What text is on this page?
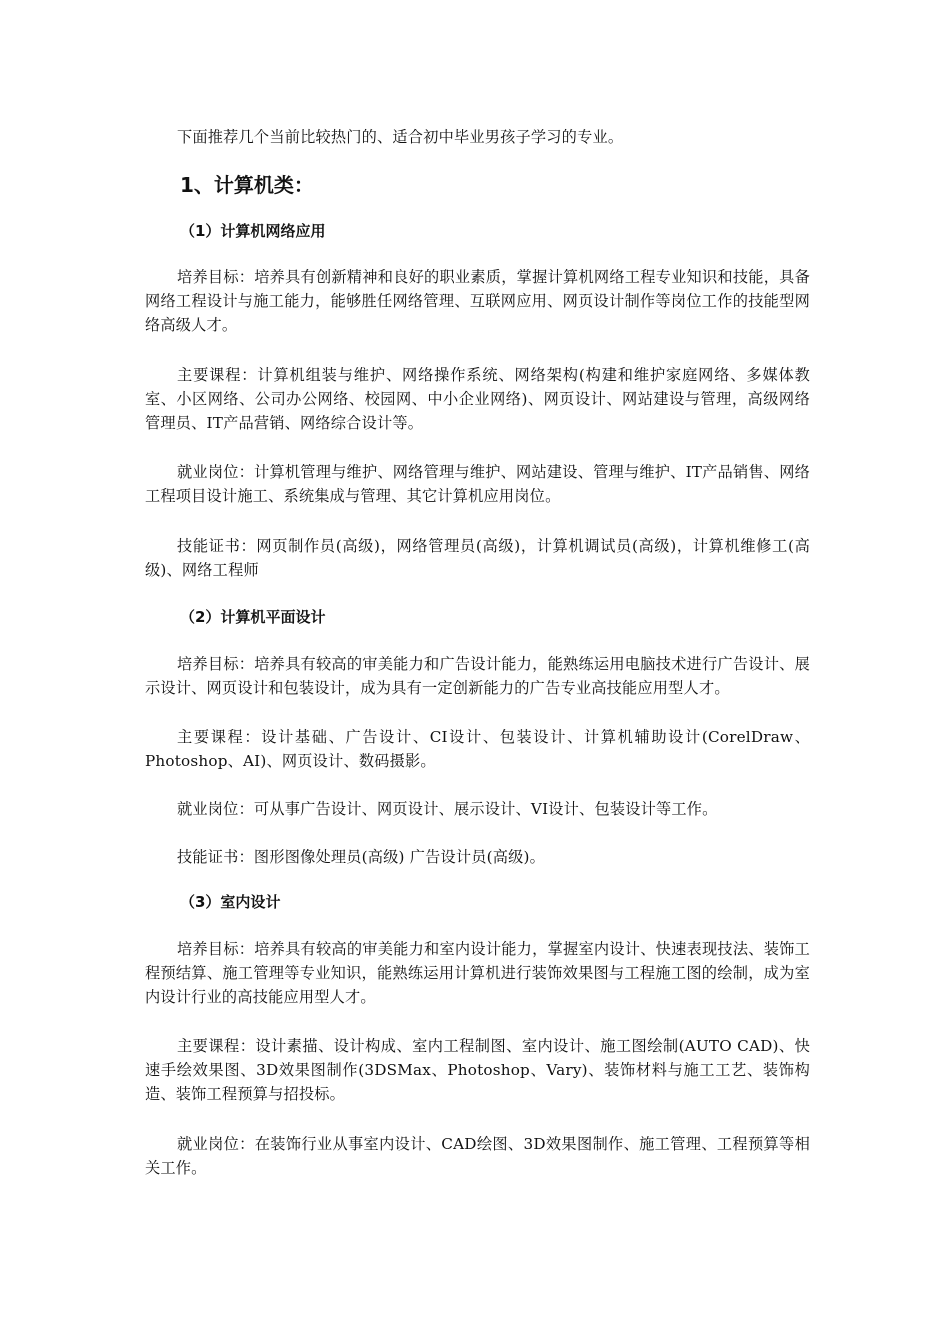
下面推荐几个当前比较热门的、适合初中毕业男孩子学习的专业。

1、计算机类：
（1）计算机网络应用

培养目标：培养具有创新精神和良好的职业素质，掌握计算机网络工程专业知识和技能，具备网络工程设计与施工能力，能够胜任网络管理、互联网应用、网页设计制作等岗位工作的技能型网络高级人才。

主要课程：计算机组装与维护、网络操作系统、网络架构(构建和维护家庭网络、多媒体教室、小区网络、公司办公网络、校园网、中小企业网络)、网页设计、网站建设与管理，高级网络管理员、IT产品营销、网络综合设计等。

就业岗位：计算机管理与维护、网络管理与维护、网站建设、管理与维护、IT产品销售、网络工程项目设计施工、系统集成与管理、其它计算机应用岗位。

技能证书：网页制作员(高级)，网络管理员(高级)，计算机调试员(高级)，计算机维修工(高级)、网络工程师

（2）计算机平面设计

培养目标：培养具有较高的审美能力和广告设计能力，能熟练运用电脑技术进行广告设计、展示设计、网页设计和包装设计，成为具有一定创新能力的广告专业高技能应用型人才。

主要课程：设计基础、广告设计、CI设计、包装设计、计算机辅助设计(CorelDraw、Photoshop、AI)、网页设计、数码摄影。

就业岗位：可从事广告设计、网页设计、展示设计、VI设计、包装设计等工作。

技能证书：图形图像处理员(高级) 广告设计员(高级)。

（3）室内设计

培养目标：培养具有较高的审美能力和室内设计能力，掌握室内设计、快速表现技法、装饰工程预结算、施工管理等专业知识，能熟练运用计算机进行装饰效果图与工程施工图的绘制，成为室内设计行业的高技能应用型人才。

主要课程：设计素描、设计构成、室内工程制图、室内设计、施工图绘制(AUTO CAD)、快速手绘效果图、3D效果图制作(3DSMax、Photoshop、Vary)、装饰材料与施工工艺、装饰构造、装饰工程预算与招投标。

就业岗位：在装饰行业从事室内设计、CAD绘图、3D效果图制作、施工管理、工程预算等相关工作。
